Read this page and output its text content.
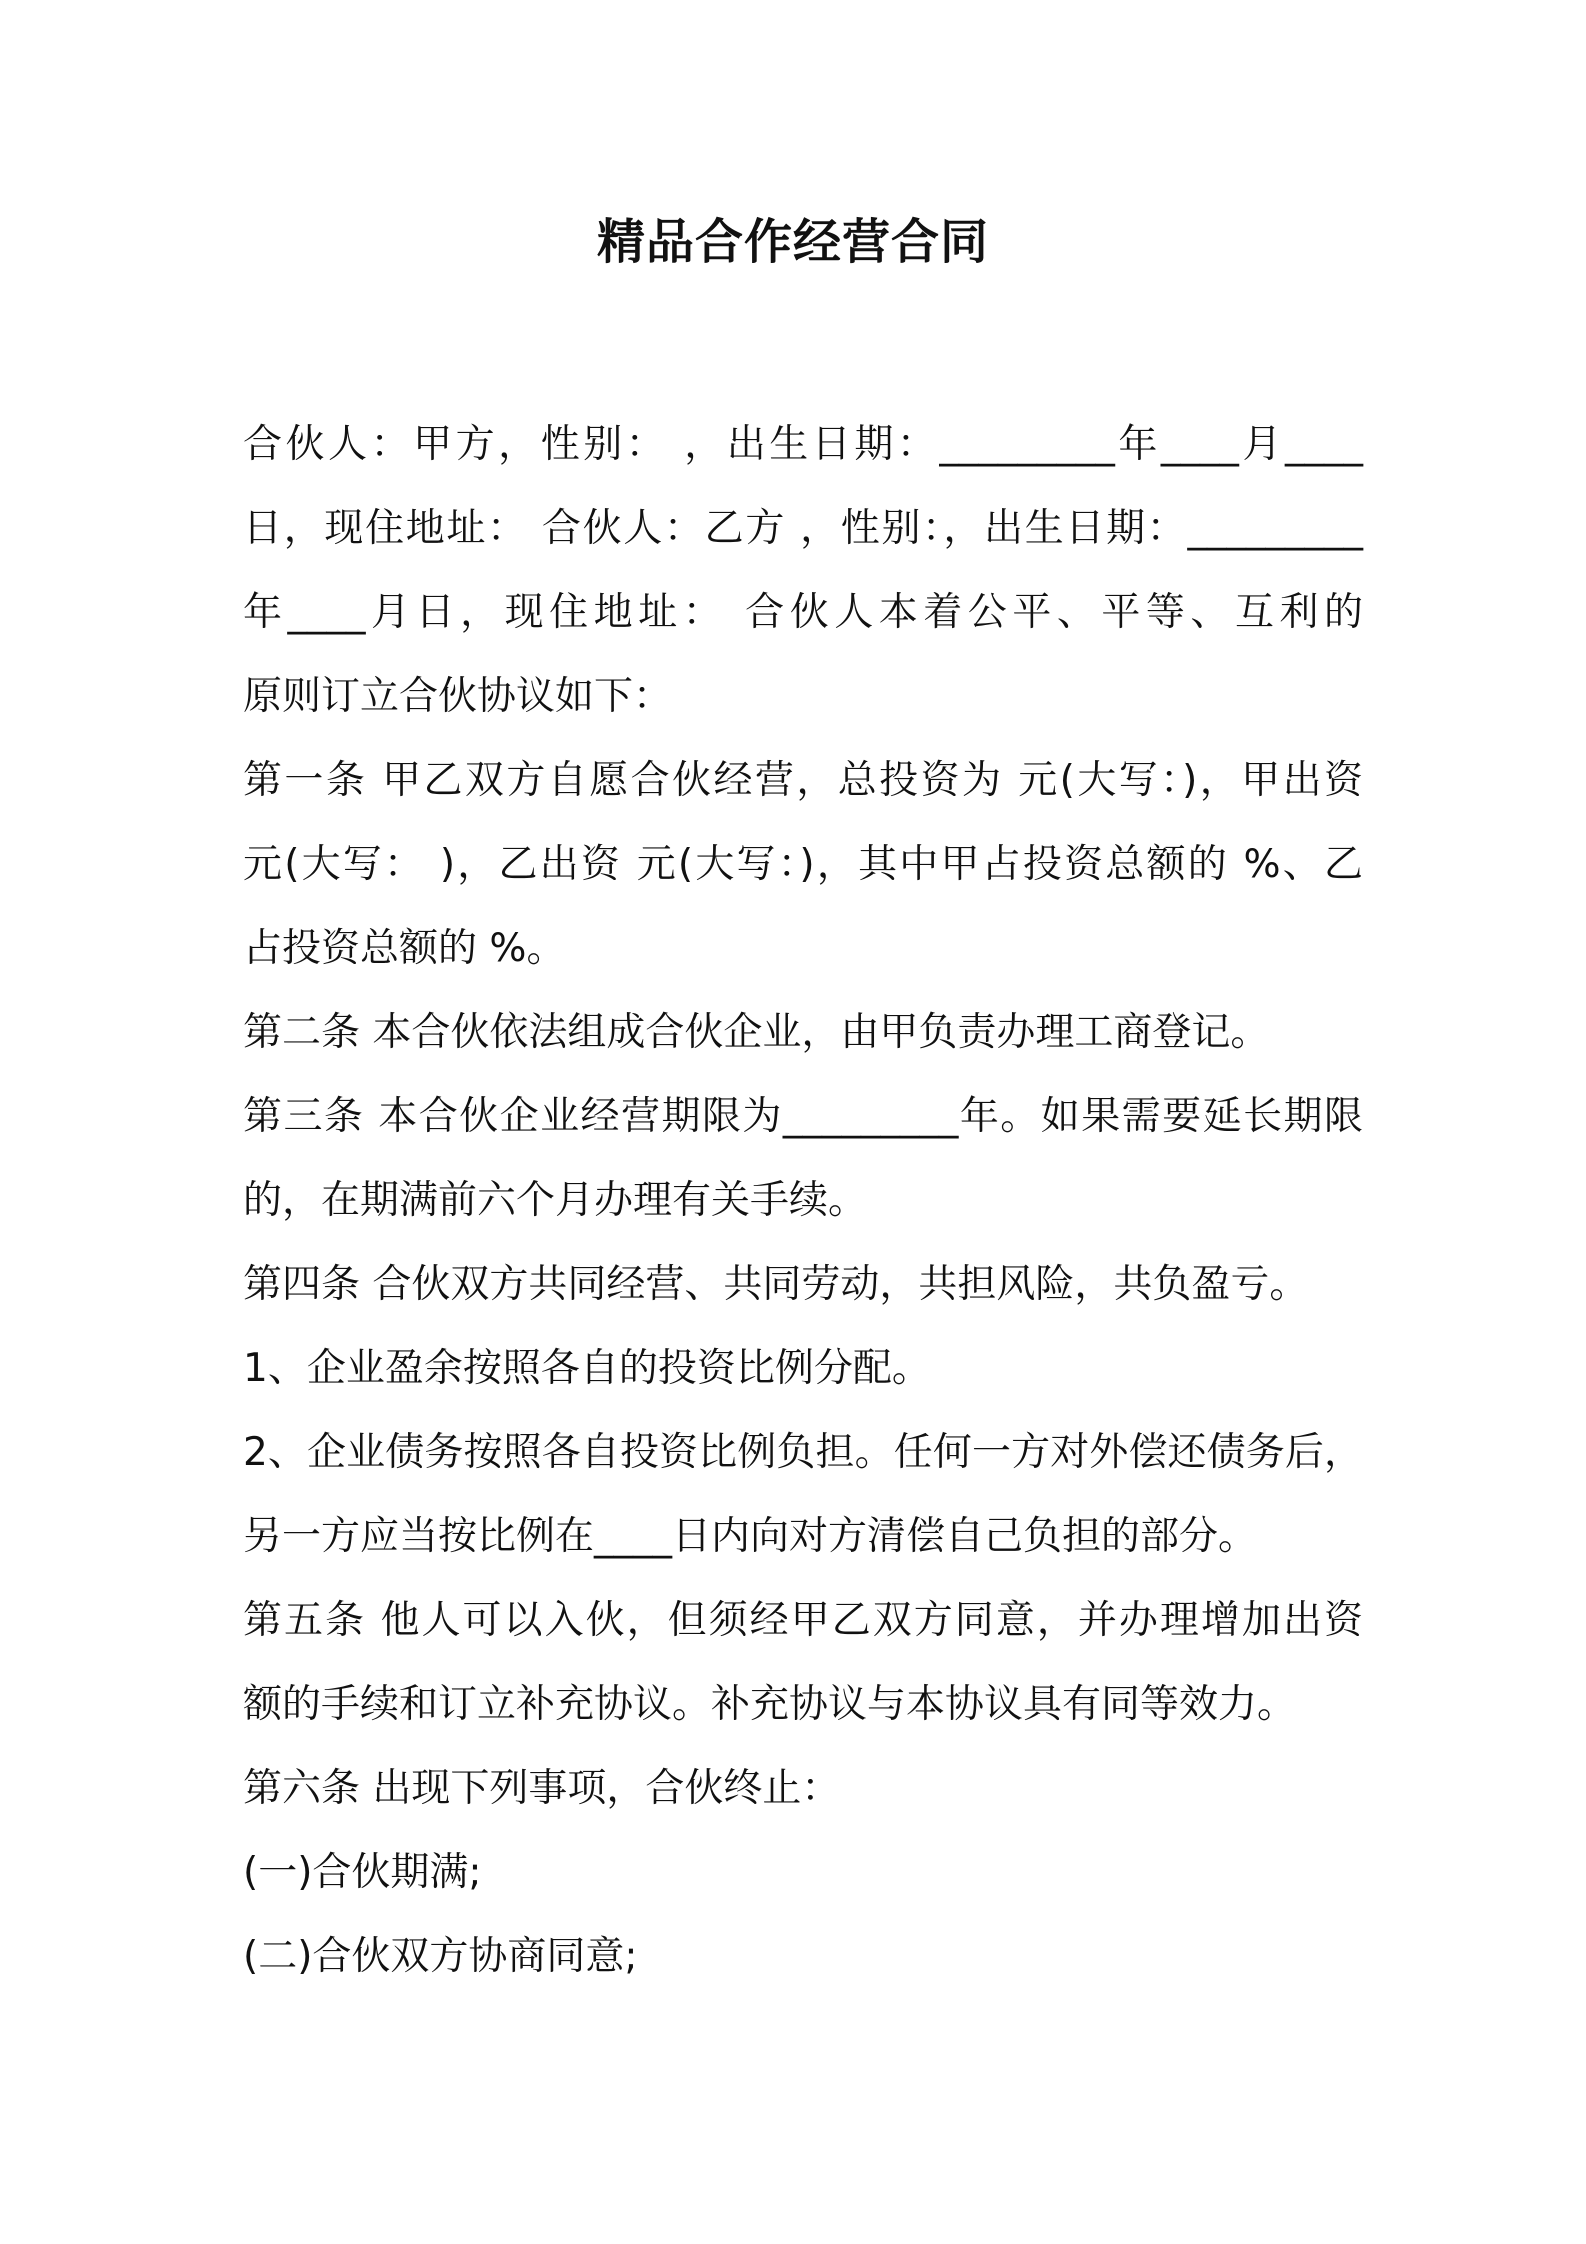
精品合作经营合同
合伙人：甲方，性别： ，出生日期：_________年____月____
日，现住地址： 合伙人：乙方 ，性别：，出生日期：_________
年____月日，现住地址： 合伙人本着公平、平等、互利的
原则订立合伙协议如下：
第一条 甲乙双方自愿合伙经营，总投资为 元(大写：)，甲出资
元(大写： )，乙出资 元(大写：)，其中甲占投资总额的 %、乙
占投资总额的 %。
第二条 本合伙依法组成合伙企业，由甲负责办理工商登记。
第三条 本合伙企业经营期限为_________年。如果需要延长期限
的，在期满前六个月办理有关手续。
第四条 合伙双方共同经营、共同劳动，共担风险，共负盈亏。
1、企业盈余按照各自的投资比例分配。
2、企业债务按照各自投资比例负担。任何一方对外偿还债务后，
另一方应当按比例在____日内向对方清偿自己负担的部分。
第五条 他人可以入伙，但须经甲乙双方同意，并办理增加出资
额的手续和订立补充协议。补充协议与本协议具有同等效力。
第六条 出现下列事项，合伙终止：
(一)合伙期满;
(二)合伙双方协商同意;
